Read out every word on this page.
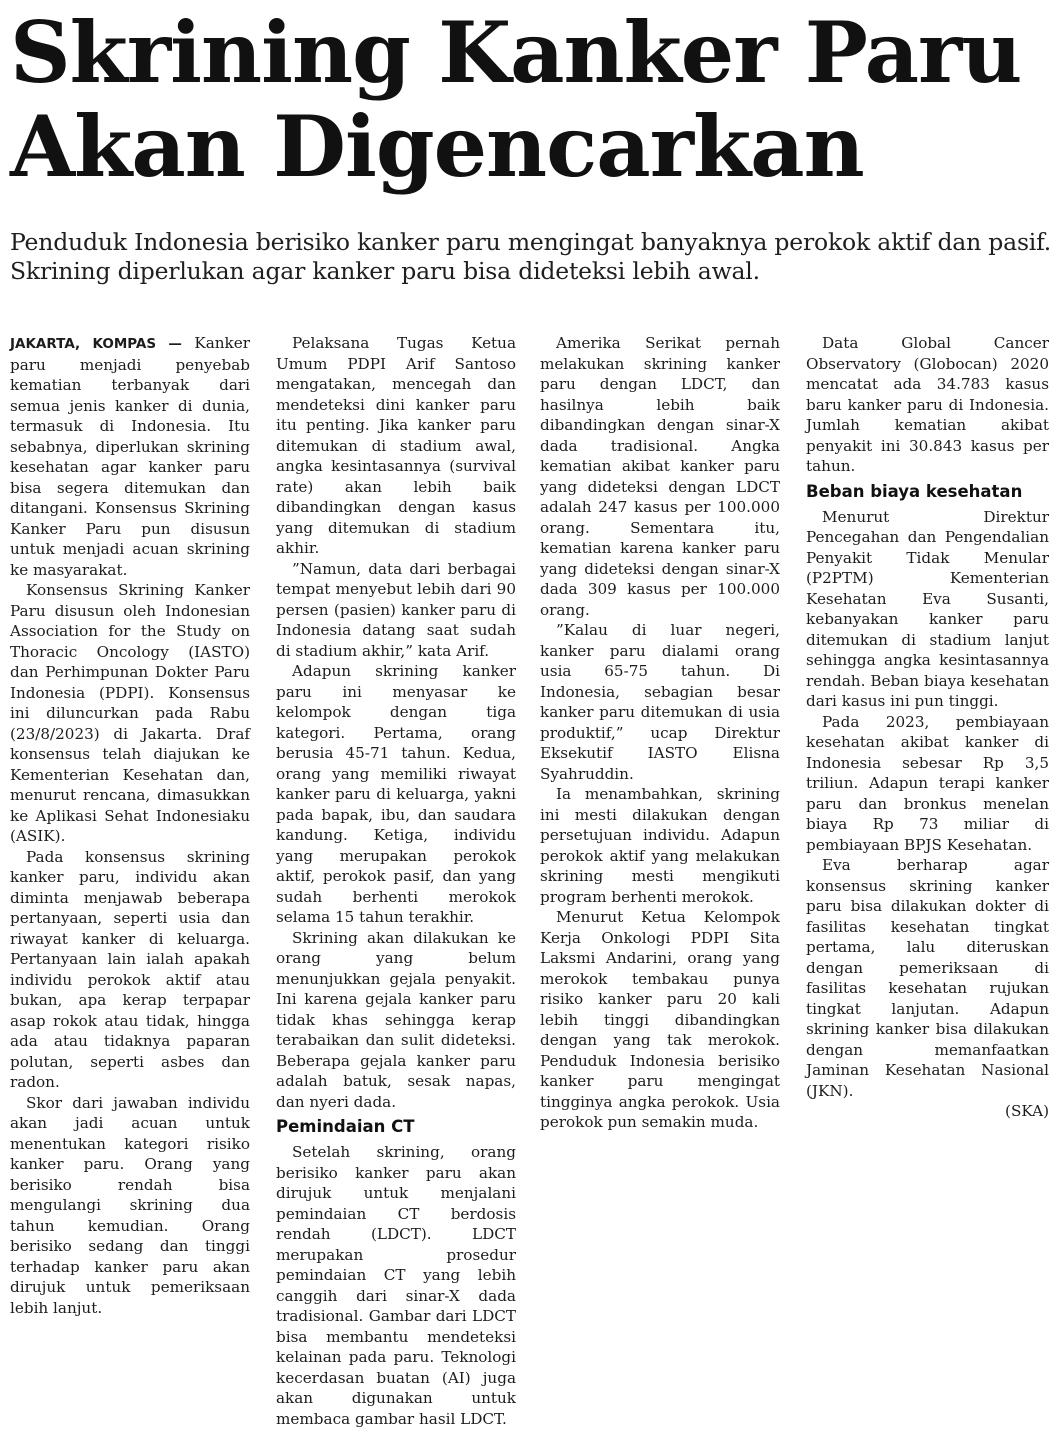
Skrining Kanker Paru
Akan Digencarkan

Penduduk Indonesia berisiko kanker paru mengingat banyaknya perokok aktif dan pasif. Skrining diperlukan agar kanker paru bisa dideteksi lebih awal.

JAKARTA, KOMPAS — Kanker paru menjadi penyebab kematian terbanyak dari semua jenis kanker di dunia, termasuk di Indonesia. Itu sebabnya, diperlukan skrining kesehatan agar kanker paru bisa segera ditemukan dan ditangani. Konsensus Skrining Kanker Paru pun disusun untuk menjadi acuan skrining ke masyarakat.

Konsensus Skrining Kanker Paru disusun oleh Indonesian Association for the Study on Thoracic Oncology (IASTO) dan Perhimpunan Dokter Paru Indonesia (PDPI). Konsensus ini diluncurkan pada Rabu (23/8/2023) di Jakarta. Draf konsensus telah diajukan ke Kementerian Kesehatan dan, menurut rencana, dimasukkan ke Aplikasi Sehat Indonesiaku (ASIK).

Pada konsensus skrining kanker paru, individu akan diminta menjawab beberapa pertanyaan, seperti usia dan riwayat kanker di keluarga. Pertanyaan lain ialah apakah individu perokok aktif atau bukan, apa kerap terpapar asap rokok atau tidak, hingga ada atau tidaknya paparan polutan, seperti asbes dan radon.

Skor dari jawaban individu akan jadi acuan untuk menentukan kategori risiko kanker paru. Orang yang berisiko rendah bisa mengulangi skrining dua tahun kemudian. Orang berisiko sedang dan tinggi terhadap kanker paru akan dirujuk untuk pemeriksaan lebih lanjut.

Pelaksana Tugas Ketua Umum PDPI Arif Santoso mengatakan, mencegah dan mendeteksi dini kanker paru itu penting. Jika kanker paru ditemukan di stadium awal, angka kesintasannya (survival rate) akan lebih baik dibandingkan dengan kasus yang ditemukan di stadium akhir.

”Namun, data dari berbagai tempat menyebut lebih dari 90 persen (pasien) kanker paru di Indonesia datang saat sudah di stadium akhir,” kata Arif.

Adapun skrining kanker paru ini menyasar ke kelompok dengan tiga kategori. Pertama, orang berusia 45-71 tahun. Kedua, orang yang memiliki riwayat kanker paru di keluarga, yakni pada bapak, ibu, dan saudara kandung. Ketiga, individu yang merupakan perokok aktif, perokok pasif, dan yang sudah berhenti merokok selama 15 tahun terakhir.

Skrining akan dilakukan ke orang yang belum menunjukkan gejala penyakit. Ini karena gejala kanker paru tidak khas sehingga kerap terabaikan dan sulit dideteksi. Beberapa gejala kanker paru adalah batuk, sesak napas, dan nyeri dada.

Pemindaian CT

Setelah skrining, orang berisiko kanker paru akan dirujuk untuk menjalani pemindaian CT berdosis rendah (LDCT). LDCT merupakan prosedur pemindaian CT yang lebih canggih dari sinar-X dada tradisional. Gambar dari LDCT bisa membantu mendeteksi kelainan pada paru. Teknologi kecerdasan buatan (AI) juga akan digunakan untuk membaca gambar hasil LDCT.

Amerika Serikat pernah melakukan skrining kanker paru dengan LDCT, dan hasilnya lebih baik dibandingkan dengan sinar-X dada tradisional. Angka kematian akibat kanker paru yang dideteksi dengan LDCT adalah 247 kasus per 100.000 orang. Sementara itu, kematian karena kanker paru yang dideteksi dengan sinar-X dada 309 kasus per 100.000 orang.

”Kalau di luar negeri, kanker paru dialami orang usia 65-75 tahun. Di Indonesia, sebagian besar kanker paru ditemukan di usia produktif,” ucap Direktur Eksekutif IASTO Elisna Syahruddin.

Ia menambahkan, skrining ini mesti dilakukan dengan persetujuan individu. Adapun perokok aktif yang melakukan skrining mesti mengikuti program berhenti merokok.

Menurut Ketua Kelompok Kerja Onkologi PDPI Sita Laksmi Andarini, orang yang merokok tembakau punya risiko kanker paru 20 kali lebih tinggi dibandingkan dengan yang tak merokok. Penduduk Indonesia berisiko kanker paru mengingat tingginya angka perokok. Usia perokok pun semakin muda.

Data Global Cancer Observatory (Globocan) 2020 mencatat ada 34.783 kasus baru kanker paru di Indonesia. Jumlah kematian akibat penyakit ini 30.843 kasus per tahun.

Beban biaya kesehatan

Menurut Direktur Pencegahan dan Pengendalian Penyakit Tidak Menular (P2PTM) Kementerian Kesehatan Eva Susanti, kebanyakan kanker paru ditemukan di stadium lanjut sehingga angka kesintasannya rendah. Beban biaya kesehatan dari kasus ini pun tinggi.

Pada 2023, pembiayaan kesehatan akibat kanker di Indonesia sebesar Rp 3,5 triliun. Adapun terapi kanker paru dan bronkus menelan biaya Rp 73 miliar di pembiayaan BPJS Kesehatan.

Eva berharap agar konsensus skrining kanker paru bisa dilakukan dokter di fasilitas kesehatan tingkat pertama, lalu diteruskan dengan pemeriksaan di fasilitas kesehatan rujukan tingkat lanjutan. Adapun skrining kanker bisa dilakukan dengan memanfaatkan Jaminan Kesehatan Nasional (JKN).

(SKA)
